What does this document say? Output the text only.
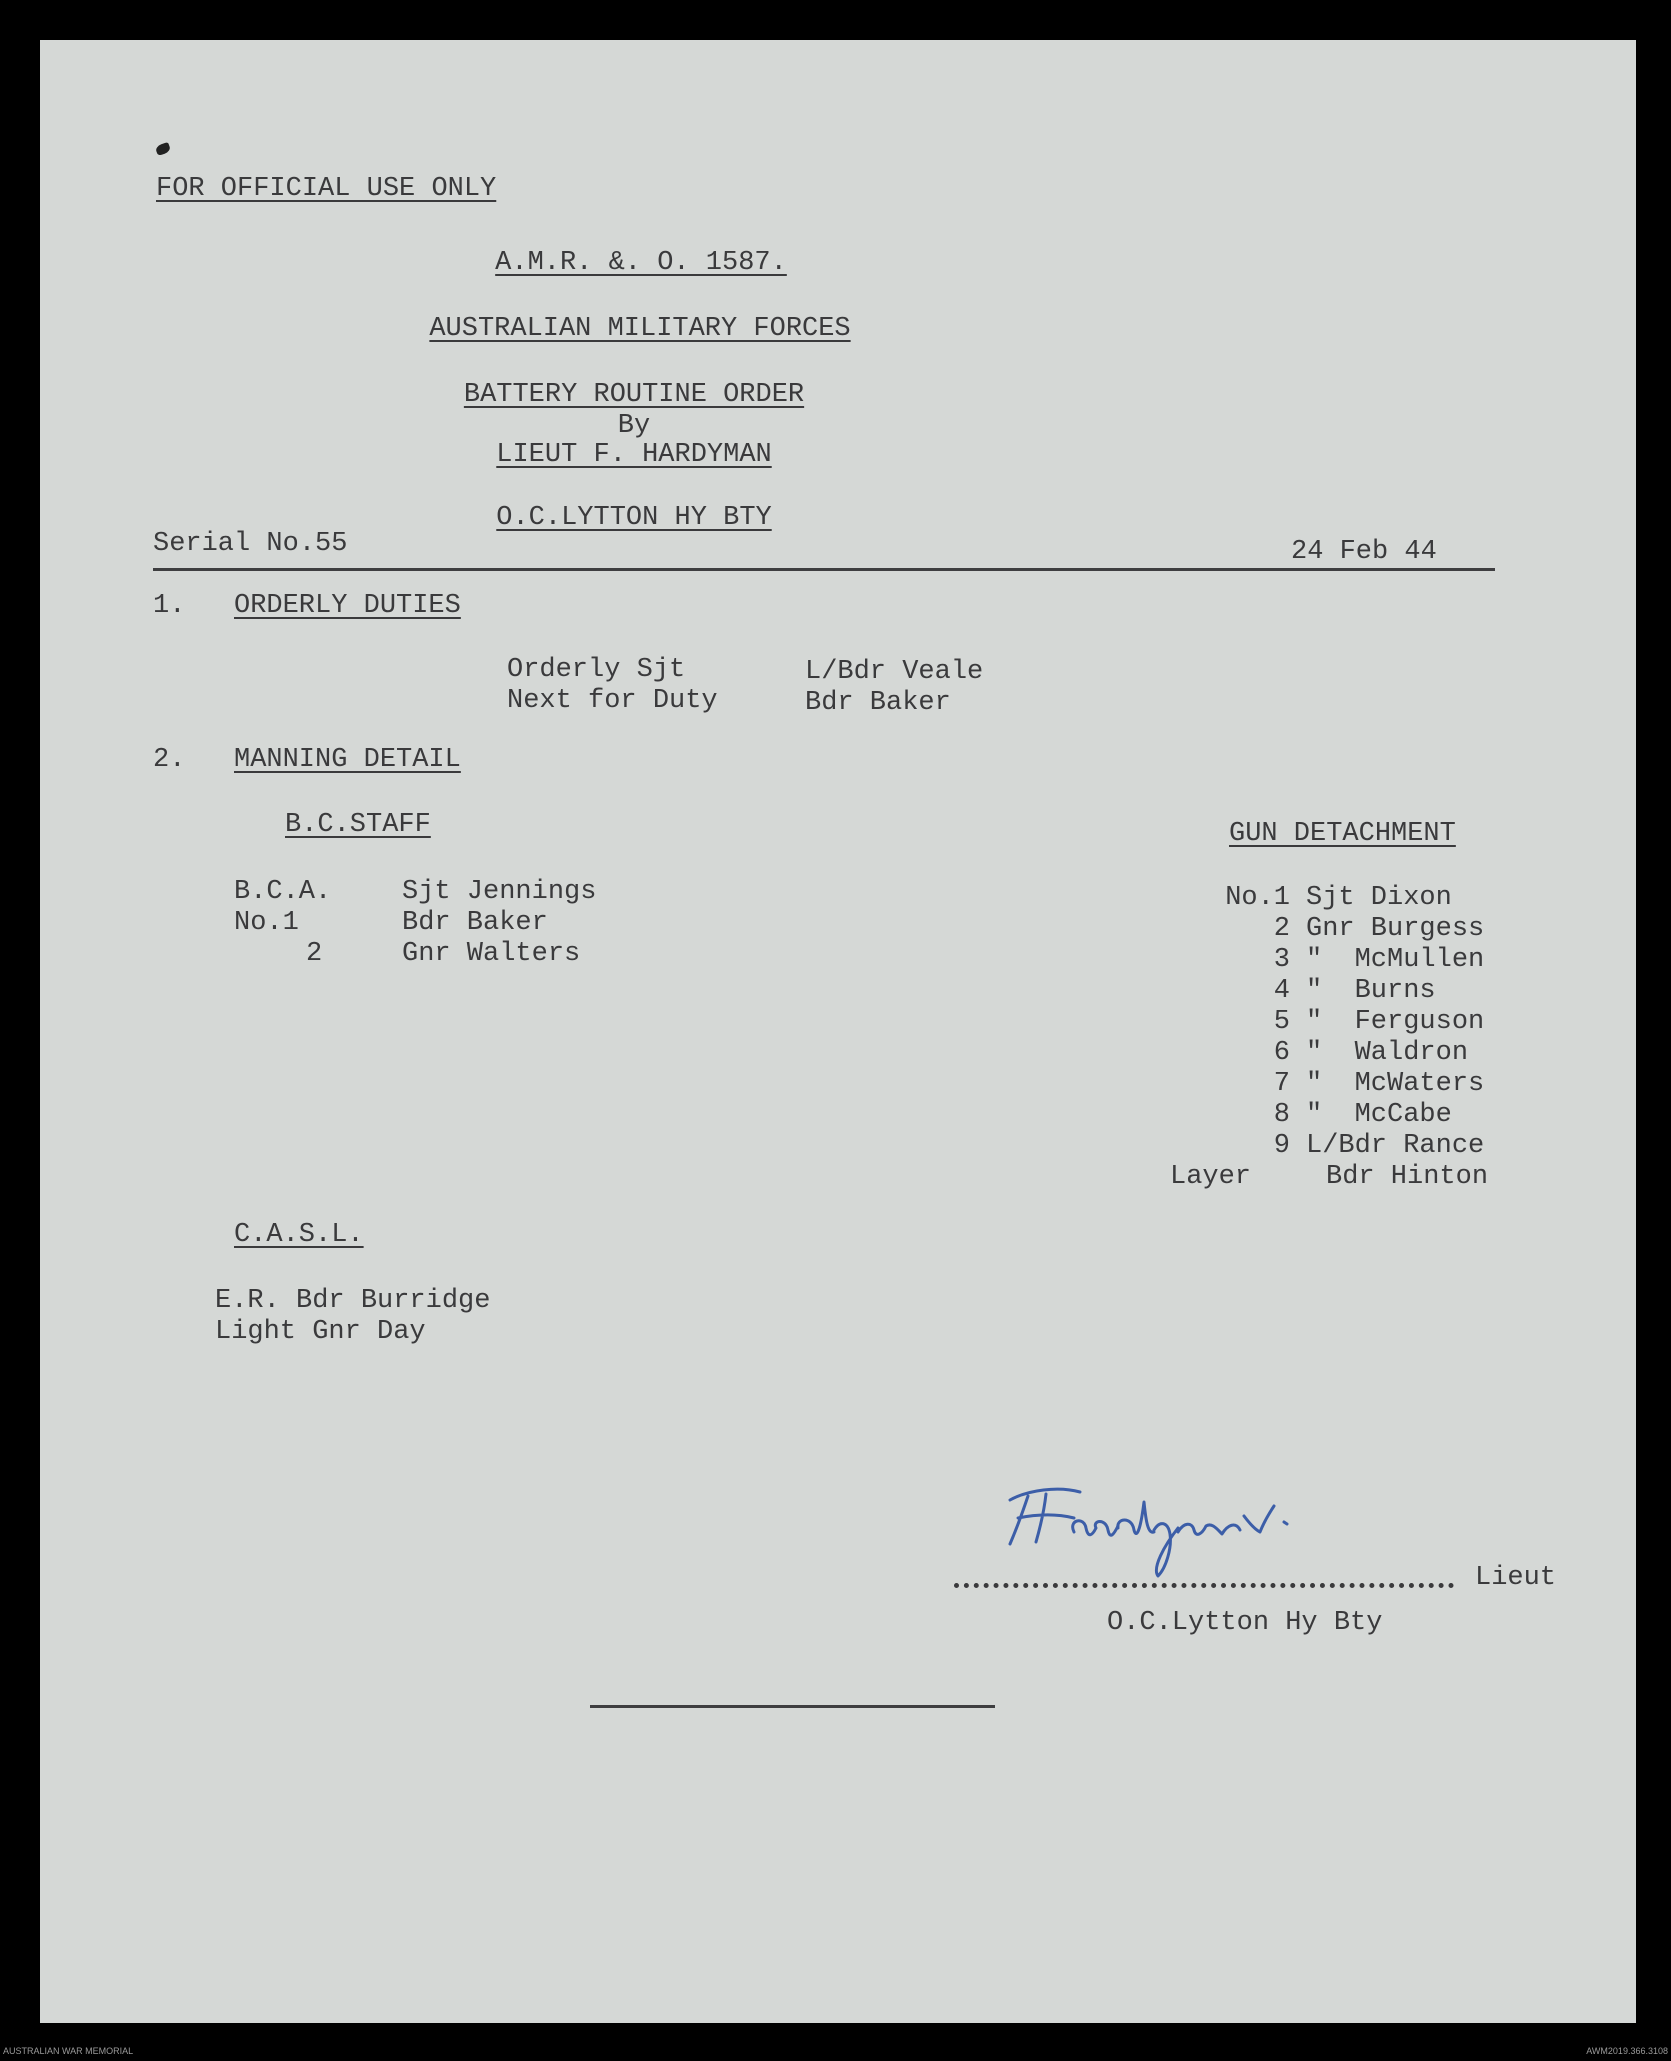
FOR OFFICIAL USE ONLY
A.M.R. &. O. 1587.
AUSTRALIAN MILITARY FORCES
BATTERY ROUTINE ORDER
By
LIEUT F. HARDYMAN
O.C.LYTTON HY BTY
Serial No.55	24 Feb 44
1. ORDERLY DUTIES
Orderly Sjt	L/Bdr Veale
Next for Duty	Bdr Baker
2. MANNING DETAIL
B.C.STAFF
B.C.A.	Sjt Jennings
No.1	Bdr Baker
2	Gnr Walters
GUN DETACHMENT
No.1 Sjt Dixon
2 Gnr Burgess
3 "  McMullen
4 "  Burns
5 "  Ferguson
6 "  Waldron
7 "  McWaters
8 "  McCabe
9 L/Bdr Rance
Layer	Bdr Hinton
C.A.S.L.
E.R. Bdr Burridge
Light Gnr Day
Lieut
O.C.Lytton Hy Bty
AUSTRALIAN WAR MEMORIAL	AWM2019.366.3108
